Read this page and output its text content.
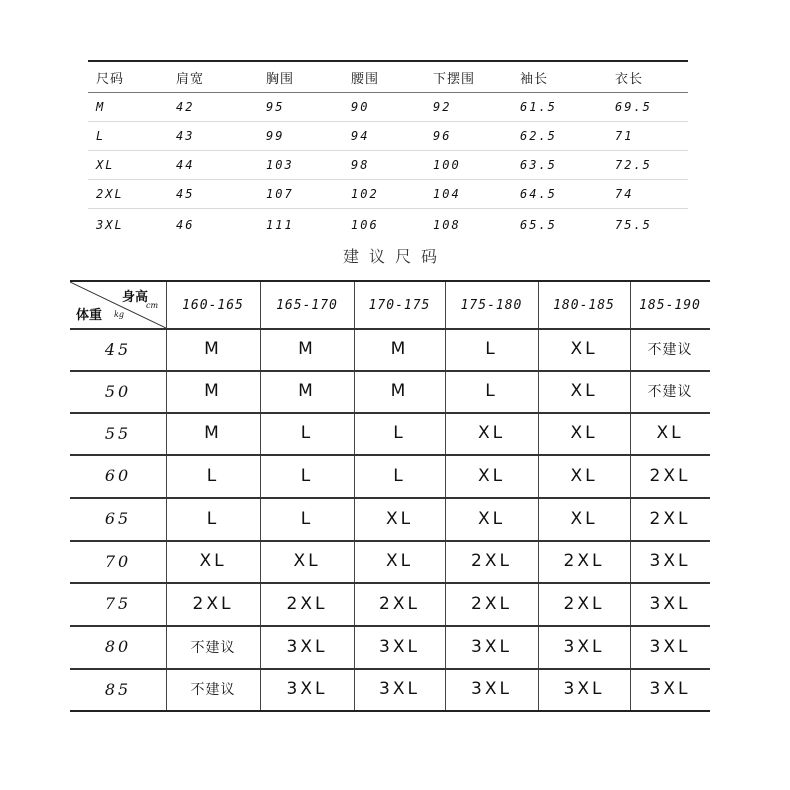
尺码	肩宽	胸围	腰围	下摆围	袖长	衣长
M	42	95	90	92	61.5	69.5
L	43	99	94	96	62.5	71
XL	44	103	98	100	63.5	72.5
2XL	45	107	102	104	64.5	74
3XL	46	111	106	108	65.5	75.5
建议尺码
身高
cm
体重 kg
160-165	165-170	170-175	175-180	180-185	185-190
45	M	M	M	L	XL	不建议
50	M	M	M	L	XL	不建议
55	M	L	L	XL	XL	XL
60	L	L	L	XL	XL	2XL
65	L	L	XL	XL	XL	2XL
70	XL	XL	XL	2XL	2XL	3XL
75	2XL	2XL	2XL	2XL	2XL	3XL
80	不建议	3XL	3XL	3XL	3XL	3XL
85	不建议	3XL	3XL	3XL	3XL	3XL
